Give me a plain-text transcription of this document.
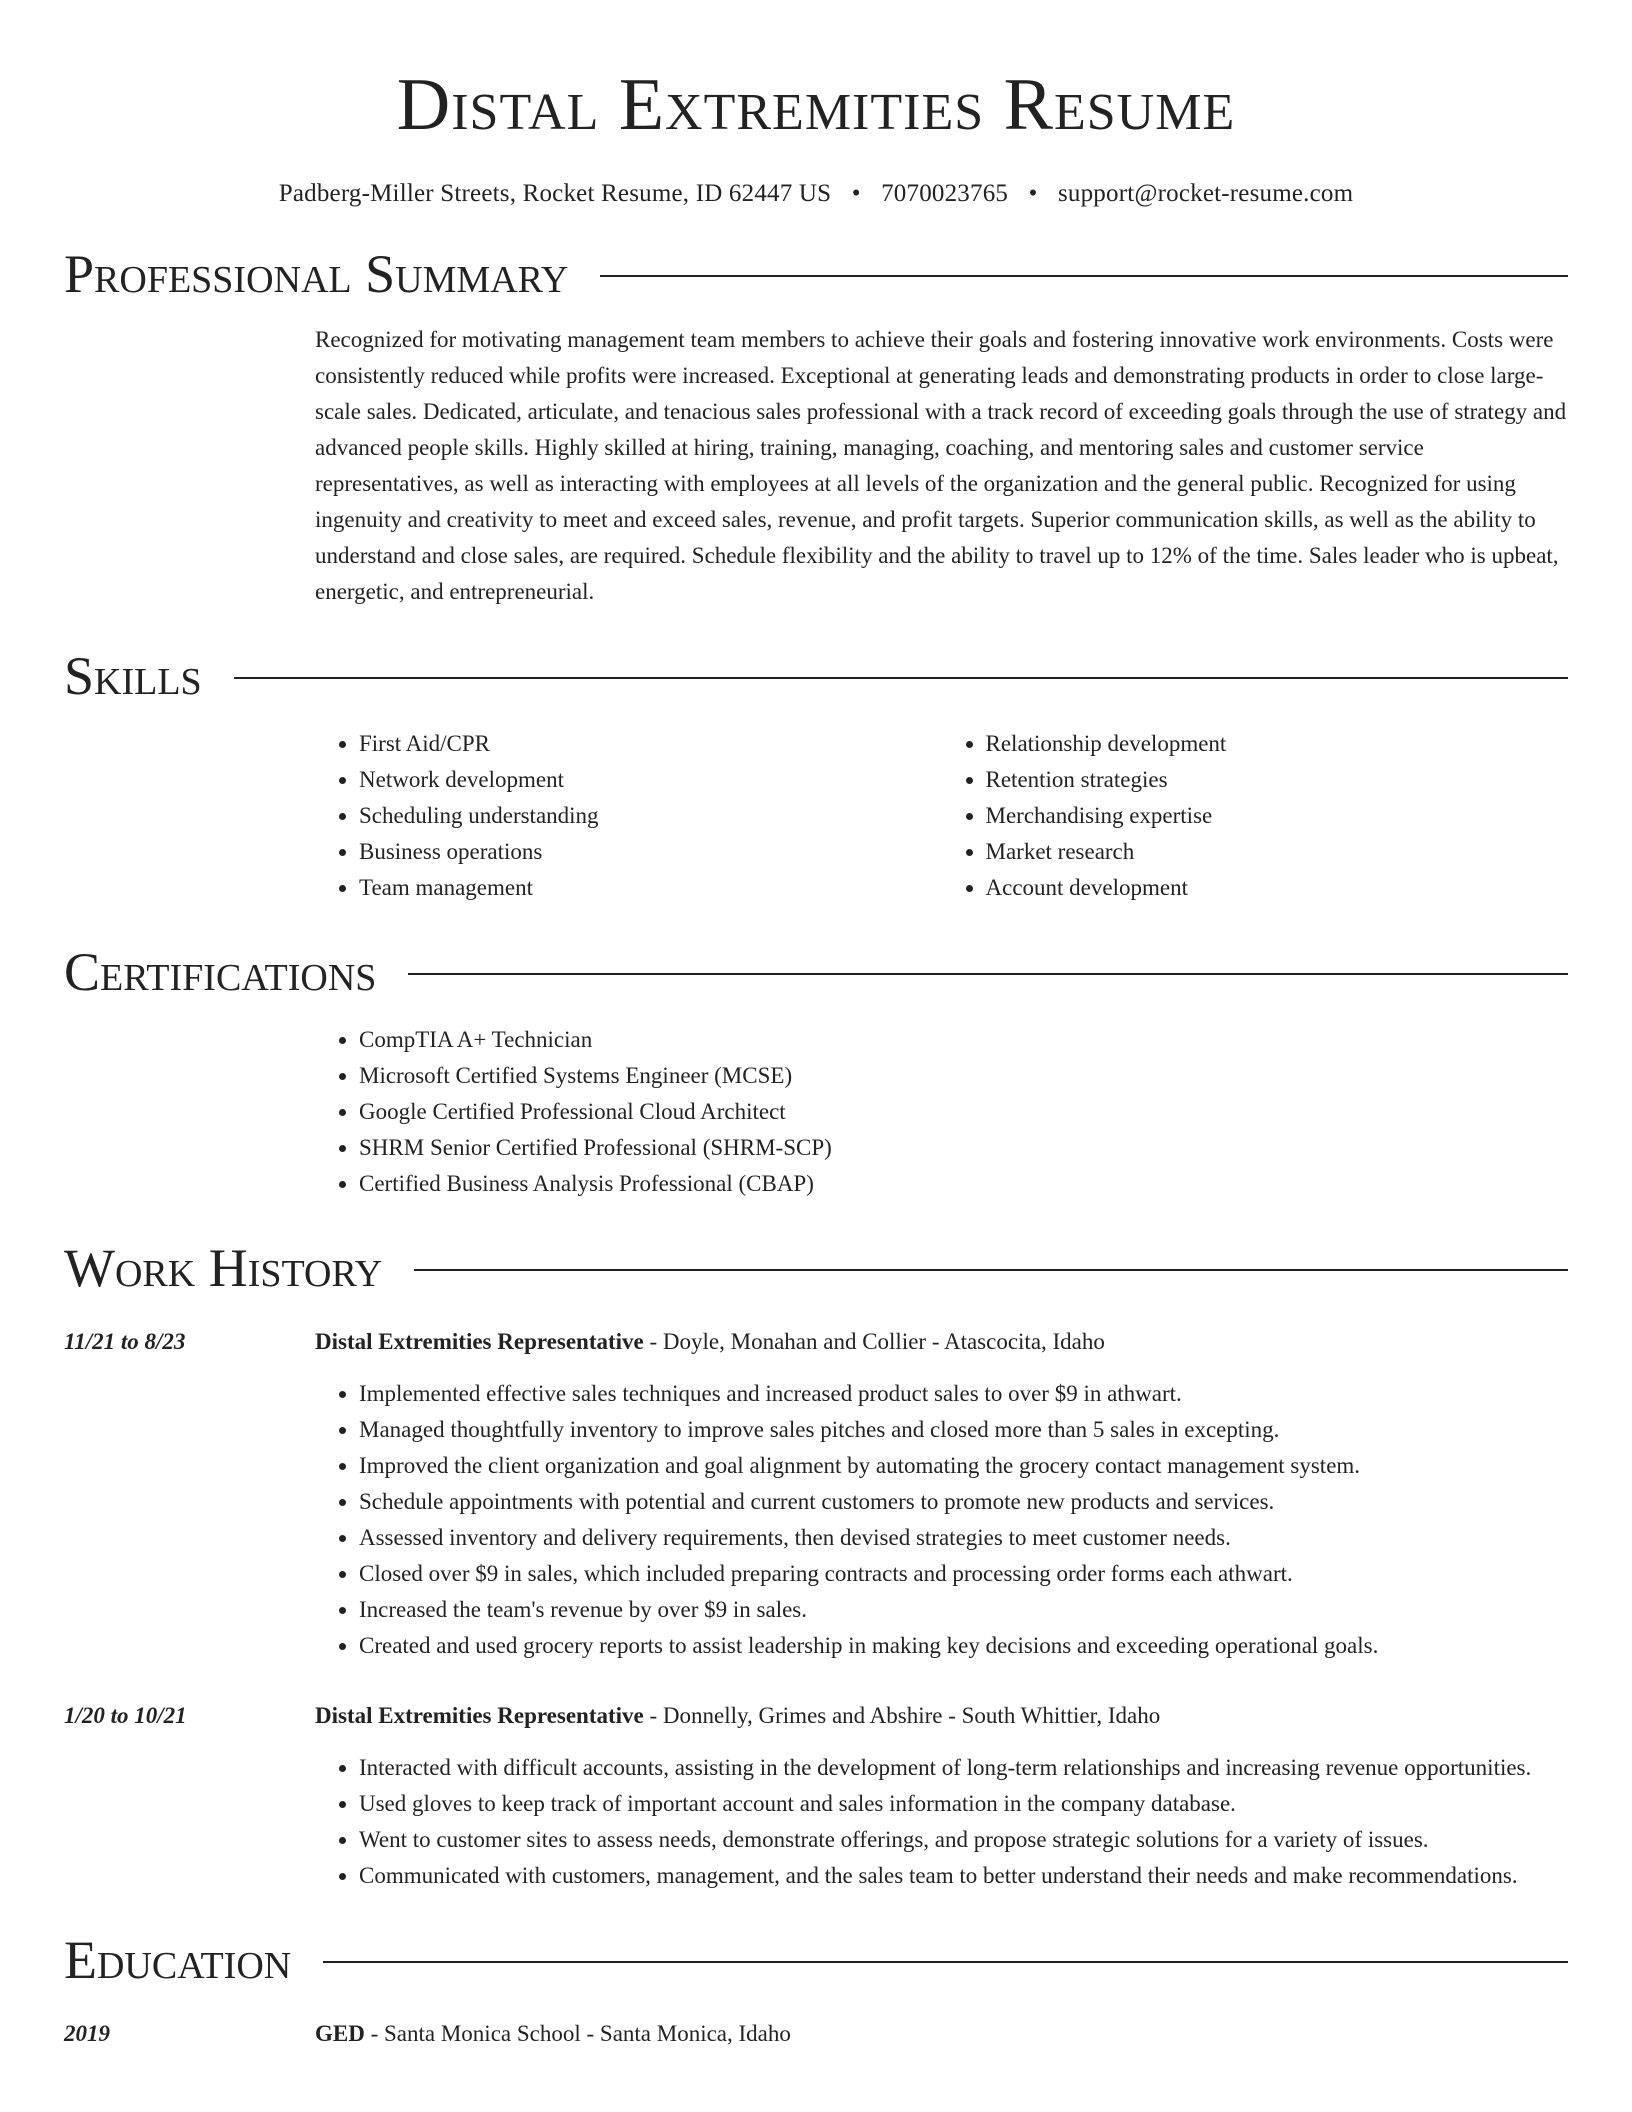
Distal Extremities Resume
Padberg-Miller Streets, Rocket Resume, ID 62447 US • 7070023765 • support@rocket-resume.com
Professional Summary
Recognized for motivating management team members to achieve their goals and fostering innovative work environments. Costs were consistently reduced while profits were increased. Exceptional at generating leads and demonstrating products in order to close large-scale sales. Dedicated, articulate, and tenacious sales professional with a track record of exceeding goals through the use of strategy and advanced people skills. Highly skilled at hiring, training, managing, coaching, and mentoring sales and customer service representatives, as well as interacting with employees at all levels of the organization and the general public. Recognized for using ingenuity and creativity to meet and exceed sales, revenue, and profit targets. Superior communication skills, as well as the ability to understand and close sales, are required. Schedule flexibility and the ability to travel up to 12% of the time. Sales leader who is upbeat, energetic, and entrepreneurial.
Skills
• First Aid/CPR
• Network development
• Scheduling understanding
• Business operations
• Team management
• Relationship development
• Retention strategies
• Merchandising expertise
• Market research
• Account development
Certifications
• CompTIA A+ Technician
• Microsoft Certified Systems Engineer (MCSE)
• Google Certified Professional Cloud Architect
• SHRM Senior Certified Professional (SHRM-SCP)
• Certified Business Analysis Professional (CBAP)
Work History
11/21 to 8/23	Distal Extremities Representative - Doyle, Monahan and Collier - Atascocita, Idaho
• Implemented effective sales techniques and increased product sales to over $9 in athwart.
• Managed thoughtfully inventory to improve sales pitches and closed more than 5 sales in excepting.
• Improved the client organization and goal alignment by automating the grocery contact management system.
• Schedule appointments with potential and current customers to promote new products and services.
• Assessed inventory and delivery requirements, then devised strategies to meet customer needs.
• Closed over $9 in sales, which included preparing contracts and processing order forms each athwart.
• Increased the team's revenue by over $9 in sales.
• Created and used grocery reports to assist leadership in making key decisions and exceeding operational goals.
1/20 to 10/21	Distal Extremities Representative - Donnelly, Grimes and Abshire - South Whittier, Idaho
• Interacted with difficult accounts, assisting in the development of long-term relationships and increasing revenue opportunities.
• Used gloves to keep track of important account and sales information in the company database.
• Went to customer sites to assess needs, demonstrate offerings, and propose strategic solutions for a variety of issues.
• Communicated with customers, management, and the sales team to better understand their needs and make recommendations.
Education
2019	GED - Santa Monica School - Santa Monica, Idaho
